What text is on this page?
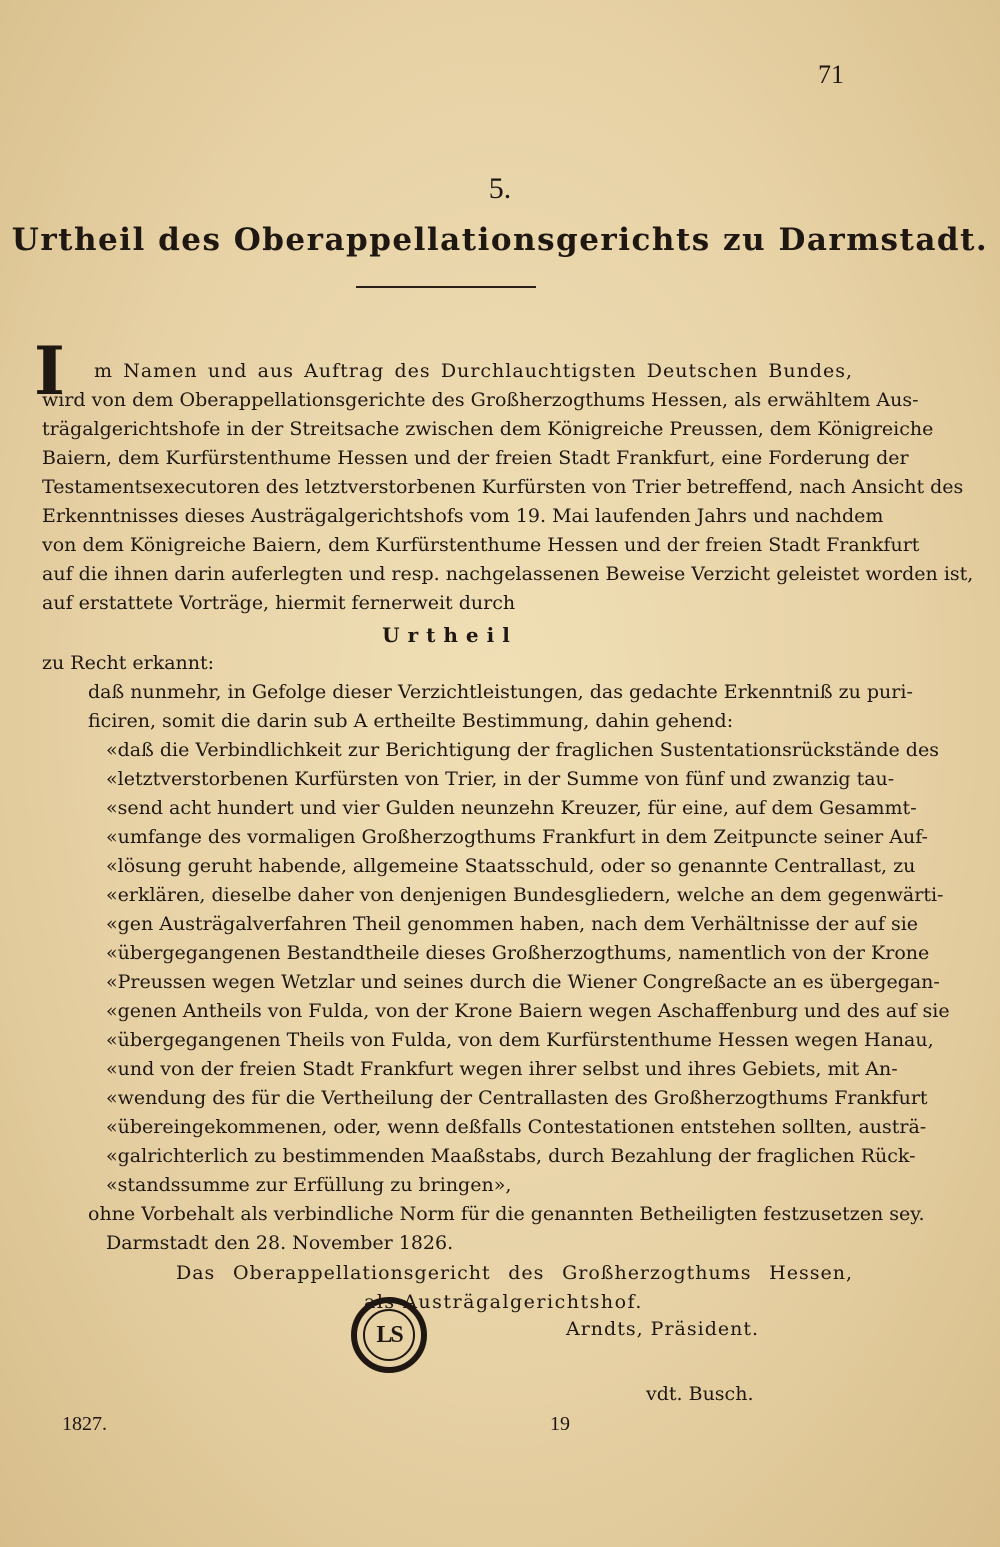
71
5.
Urtheil des Oberappellationsgerichts zu Darmstadt.
I m Namen und aus Auftrag des Durchlauchtigsten Deutschen Bundes,
wird von dem Oberappellationsgerichte des Großherzogthums Hessen, als erwähltem Aus-
trägalgerichtshofe in der Streitsache zwischen dem Königreiche Preussen, dem Königreiche
Baiern, dem Kurfürstenthume Hessen und der freien Stadt Frankfurt, eine Forderung der
Testamentsexecutoren des letztverstorbenen Kurfürsten von Trier betreffend, nach Ansicht des
Erkenntnisses dieses Austrägalgerichtshofs vom 19. Mai laufenden Jahrs und nachdem
von dem Königreiche Baiern, dem Kurfürstenthume Hessen und der freien Stadt Frankfurt
auf die ihnen darin auferlegten und resp. nachgelassenen Beweise Verzicht geleistet worden ist,
auf erstattete Vorträge, hiermit fernerweit durch
Urtheil
zu Recht erkannt:
daß nunmehr, in Gefolge dieser Verzichtleistungen, das gedachte Erkenntniß zu puri-
ficiren, somit die darin sub A ertheilte Bestimmung, dahin gehend:
«daß die Verbindlichkeit zur Berichtigung der fraglichen Sustentationsrückstände des
«letztverstorbenen Kurfürsten von Trier, in der Summe von fünf und zwanzig tau-
«send acht hundert und vier Gulden neunzehn Kreuzer, für eine, auf dem Gesammt-
«umfange des vormaligen Großherzogthums Frankfurt in dem Zeitpuncte seiner Auf-
«lösung geruht habende, allgemeine Staatsschuld, oder so genannte Centrallast, zu
«erklären, dieselbe daher von denjenigen Bundesgliedern, welche an dem gegenwärti-
«gen Austrägalverfahren Theil genommen haben, nach dem Verhältnisse der auf sie
«übergegangenen Bestandtheile dieses Großherzogthums, namentlich von der Krone
«Preussen wegen Wetzlar und seines durch die Wiener Congreßacte an es übergegan-
«genen Antheils von Fulda, von der Krone Baiern wegen Aschaffenburg und des auf sie
«übergegangenen Theils von Fulda, von dem Kurfürstenthume Hessen wegen Hanau,
«und von der freien Stadt Frankfurt wegen ihrer selbst und ihres Gebiets, mit An-
«wendung des für die Vertheilung der Centrallasten des Großherzogthums Frankfurt
«übereingekommenen, oder, wenn deßfalls Contestationen entstehen sollten, austrä-
«galrichterlich zu bestimmenden Maaßstabs, durch Bezahlung der fraglichen Rück-
«standssumme zur Erfüllung zu bringen»,
ohne Vorbehalt als verbindliche Norm für die genannten Betheiligten festzusetzen sey.
Darmstadt den 28. November 1826.
Das Oberappellationsgericht des Großherzogthums Hessen,
als Austrägalgerichtshof.
LS	Arndts, Präsident.
vdt. Busch.
1827.	19
